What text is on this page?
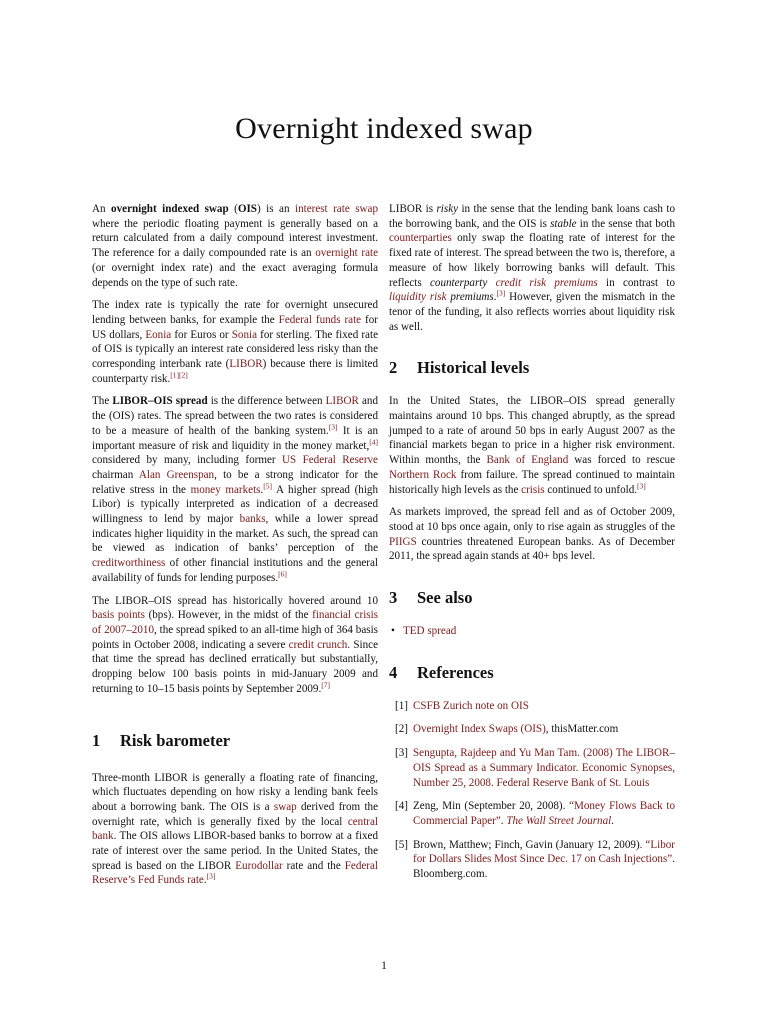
Overnight indexed swap

An overnight indexed swap (OIS) is an interest rate swap where the periodic floating payment is generally based on a return calculated from a daily compound interest investment. The reference for a daily compounded rate is an overnight rate (or overnight index rate) and the exact averaging formula depends on the type of such rate.

The index rate is typically the rate for overnight unsecured lending between banks, for example the Federal funds rate for US dollars, Eonia for Euros or Sonia for sterling. The fixed rate of OIS is typically an interest rate considered less risky than the corresponding interbank rate (LIBOR) because there is limited counterparty risk.[1][2]

The LIBOR–OIS spread is the difference between LIBOR and the (OIS) rates. The spread between the two rates is considered to be a measure of health of the banking system.[3] It is an important measure of risk and liquidity in the money market,[4] considered by many, including former US Federal Reserve chairman Alan Greenspan, to be a strong indicator for the relative stress in the money markets.[5] A higher spread (high Libor) is typically interpreted as indication of a decreased willingness to lend by major banks, while a lower spread indicates higher liquidity in the market. As such, the spread can be viewed as indication of banks’ perception of the creditworthiness of other financial institutions and the general availability of funds for lending purposes.[6]

The LIBOR–OIS spread has historically hovered around 10 basis points (bps). However, in the midst of the financial crisis of 2007–2010, the spread spiked to an all-time high of 364 basis points in October 2008, indicating a severe credit crunch. Since that time the spread has declined erratically but substantially, dropping below 100 basis points in mid-January 2009 and returning to 10–15 basis points by September 2009.[7]

1 Risk barometer

Three-month LIBOR is generally a floating rate of financing, which fluctuates depending on how risky a lending bank feels about a borrowing bank. The OIS is a swap derived from the overnight rate, which is generally fixed by the local central bank. The OIS allows LIBOR-based banks to borrow at a fixed rate of interest over the same period. In the United States, the spread is based on the LIBOR Eurodollar rate and the Federal Reserve’s Fed Funds rate.[3]

LIBOR is risky in the sense that the lending bank loans cash to the borrowing bank, and the OIS is stable in the sense that both counterparties only swap the floating rate of interest for the fixed rate of interest. The spread between the two is, therefore, a measure of how likely borrowing banks will default. This reflects counterparty credit risk premiums in contrast to liquidity risk premiums.[3] However, given the mismatch in the tenor of the funding, it also reflects worries about liquidity risk as well.

2 Historical levels

In the United States, the LIBOR–OIS spread generally maintains around 10 bps. This changed abruptly, as the spread jumped to a rate of around 50 bps in early August 2007 as the financial markets began to price in a higher risk environment. Within months, the Bank of England was forced to rescue Northern Rock from failure. The spread continued to maintain historically high levels as the crisis continued to unfold.[3]

As markets improved, the spread fell and as of October 2009, stood at 10 bps once again, only to rise again as struggles of the PIIGS countries threatened European banks. As of December 2011, the spread again stands at 40+ bps level.

3 See also
• TED spread
4 References
[1] CSFB Zurich note on OIS
[2] Overnight Index Swaps (OIS), thisMatter.com
[3] Sengupta, Rajdeep and Yu Man Tam. (2008) The LIBOR–OIS Spread as a Summary Indicator. Economic Synopses, Number 25, 2008. Federal Reserve Bank of St. Louis
[4] Zeng, Min (September 20, 2008). “Money Flows Back to Commercial Paper”. The Wall Street Journal.
[5] Brown, Matthew; Finch, Gavin (January 12, 2009). “Libor for Dollars Slides Most Since Dec. 17 on Cash Injections”. Bloomberg.com.
1
